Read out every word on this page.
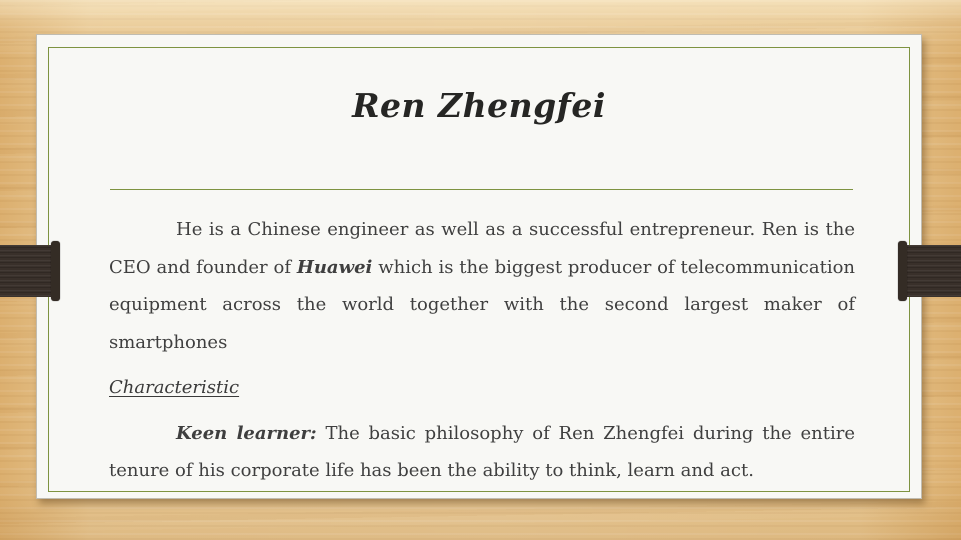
Ren Zhengfei

He is a Chinese engineer as well as a successful entrepreneur. Ren is the CEO and founder of Huawei which is the biggest producer of telecommunication equipment across the world together with the second largest maker of smartphones

Characteristic

Keen learner: The basic philosophy of Ren Zhengfei during the entire tenure of his corporate life has been the ability to think, learn and act.
